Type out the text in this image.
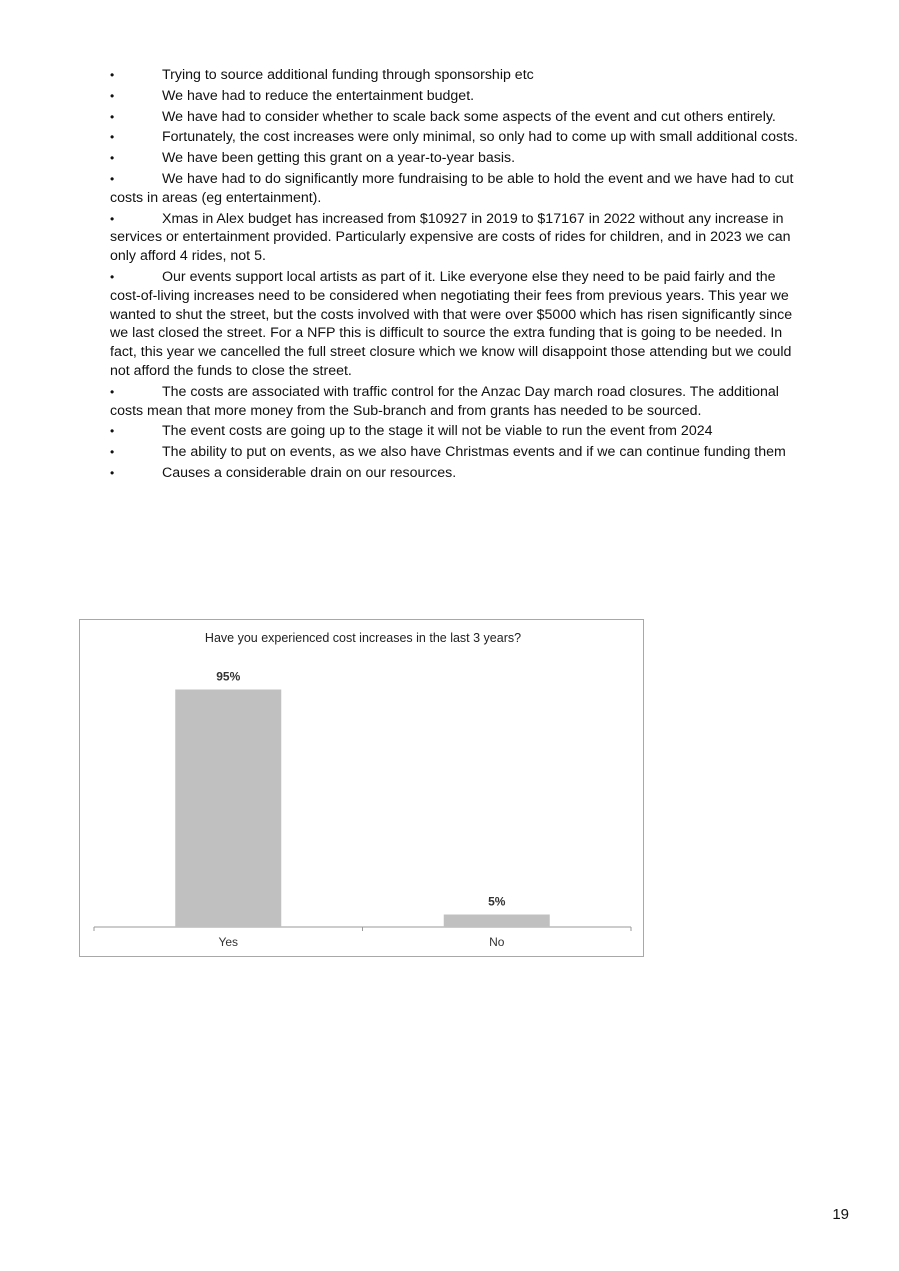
•	Trying to source additional funding through sponsorship etc
•	We have had to reduce the entertainment budget.
•	We have had to consider whether to scale back some aspects of the event and cut others entirely.
•	Fortunately, the cost increases were only minimal, so only had to come up with small additional costs.
•	We have been getting this grant on a year-to-year basis.
•	We have had to do significantly more fundraising to be able to hold the event and we have had to cut costs in areas (eg entertainment).
•	Xmas in Alex budget has increased from $10927 in 2019 to $17167 in 2022 without any increase in services or entertainment provided. Particularly expensive are costs of rides for children, and in 2023 we can only afford 4 rides, not 5.
•	Our events support local artists as part of it. Like everyone else they need to be paid fairly and the cost-of-living increases need to be considered when negotiating their fees from previous years. This year we wanted to shut the street, but the costs involved with that were over $5000 which has risen significantly since we last closed the street. For a NFP this is difficult to source the extra funding that is going to be needed. In fact, this year we cancelled the full street closure which we know will disappoint those attending but we could not afford the funds to close the street.
•	The costs are associated with traffic control for the Anzac Day march road closures. The additional costs mean that more money from the Sub-branch and from grants has needed to be sourced.
•	The event costs are going up to the stage it will not be viable to run the event from 2024
•	The ability to put on events, as we also have Christmas events and if we can continue funding them
•	Causes a considerable drain on our resources.
Have you experienced cost increases in the last 3 years?
95%
Yes
5%
No
19
